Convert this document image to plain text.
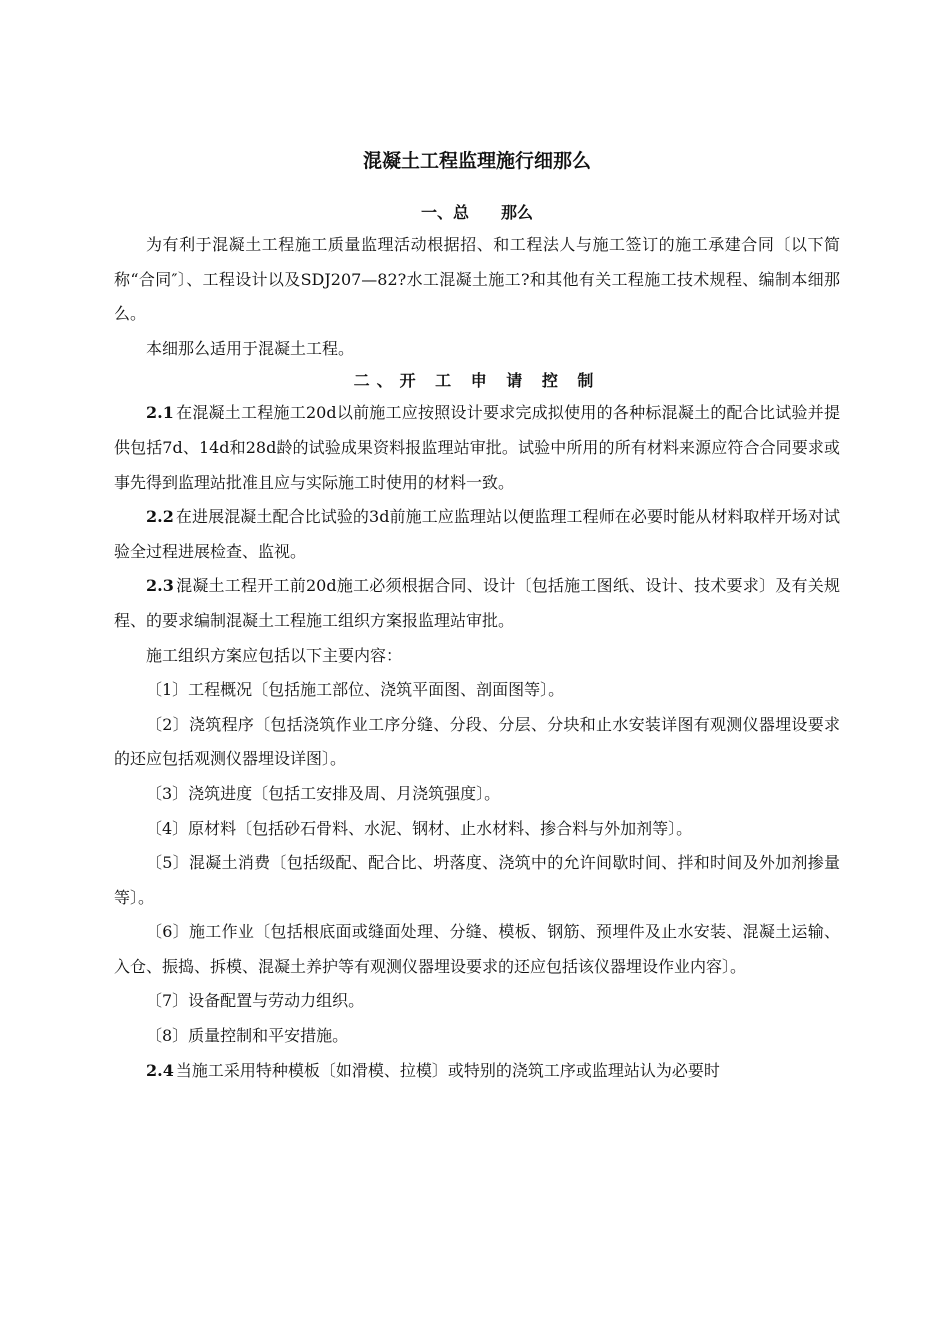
混凝土工程监理施行细那么
一、总　　那么

为有利于混凝土工程施工质量监理活动根据招、和工程法人与施工签订的施工承建合同〔以下简称“合同″〕、工程设计以及SDJ207—82?水工混凝土施工?和其他有关工程施工技术规程、编制本细那么。

本细那么适用于混凝土工程。

二、开 工 申 请 控 制

2.1 在混凝土工程施工20d以前施工应按照设计要求完成拟使用的各种标混凝土的配合比试验并提供包括7d、14d和28d龄的试验成果资料报监理站审批。试验中所用的所有材料来源应符合合同要求或事先得到监理站批准且应与实际施工时使用的材料一致。

2.2 在进展混凝土配合比试验的3d前施工应监理站以便监理工程师在必要时能从材料取样开场对试验全过程进展检查、监视。

2.3 混凝土工程开工前20d施工必须根据合同、设计〔包括施工图纸、设计、技术要求〕及有关规程、的要求编制混凝土工程施工组织方案报监理站审批。

施工组织方案应包括以下主要内容：

〔1〕工程概况〔包括施工部位、浇筑平面图、剖面图等〕。

〔2〕浇筑程序〔包括浇筑作业工序分缝、分段、分层、分块和止水安装详图有观测仪器埋设要求的还应包括观测仪器埋设详图〕。

〔3〕浇筑进度〔包括工安排及周、月浇筑强度〕。

〔4〕原材料〔包括砂石骨料、水泥、钢材、止水材料、掺合料与外加剂等〕。

〔5〕混凝土消费〔包括级配、配合比、坍落度、浇筑中的允许间歇时间、拌和时间及外加剂掺量等〕。

〔6〕施工作业〔包括根底面或缝面处理、分缝、模板、钢筋、预埋件及止水安装、混凝土运输、入仓、振捣、拆模、混凝土养护等有观测仪器埋设要求的还应包括该仪器埋设作业内容〕。

〔7〕设备配置与劳动力组织。

〔8〕质量控制和平安措施。

2.4 当施工采用特种模板〔如滑模、拉模〕或特别的浇筑工序或监理站认为必要时
